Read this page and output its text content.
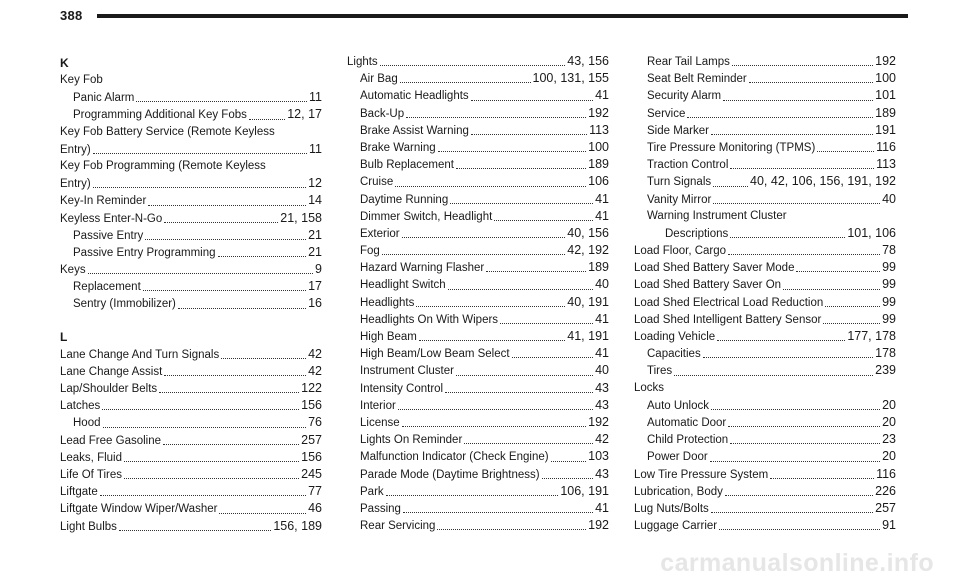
388
K
Key Fob
Panic Alarm	11
Programming Additional Key Fobs	12, 17
Key Fob Battery Service (Remote Keyless
Entry)	11
Key Fob Programming (Remote Keyless
Entry)	12
Key-In Reminder	14
Keyless Enter-N-Go	21, 158
Passive Entry	21
Passive Entry Programming	21
Keys	9
Replacement	17
Sentry (Immobilizer)	16
L
Lane Change And Turn Signals	42
Lane Change Assist	42
Lap/Shoulder Belts	122
Latches	156
Hood	76
Lead Free Gasoline	257
Leaks, Fluid	156
Life Of Tires	245
Liftgate	77
Liftgate Window Wiper/Washer	46
Light Bulbs	156, 189
Lights	43, 156
Air Bag	100, 131, 155
Automatic Headlights	41
Back-Up	192
Brake Assist Warning	113
Brake Warning	100
Bulb Replacement	189
Cruise	106
Daytime Running	41
Dimmer Switch, Headlight	41
Exterior	40, 156
Fog	42, 192
Hazard Warning Flasher	189
Headlight Switch	40
Headlights	40, 191
Headlights On With Wipers	41
High Beam	41, 191
High Beam/Low Beam Select	41
Instrument Cluster	40
Intensity Control	43
Interior	43
License	192
Lights On Reminder	42
Malfunction Indicator (Check Engine)	103
Parade Mode (Daytime Brightness)	43
Park	106, 191
Passing	41
Rear Servicing	192
Rear Tail Lamps	192
Seat Belt Reminder	100
Security Alarm	101
Service	189
Side Marker	191
Tire Pressure Monitoring (TPMS)	116
Traction Control	113
Turn Signals	40, 42, 106, 156, 191, 192
Vanity Mirror	40
Warning Instrument Cluster
Descriptions	101, 106
Load Floor, Cargo	78
Load Shed Battery Saver Mode	99
Load Shed Battery Saver On	99
Load Shed Electrical Load Reduction	99
Load Shed Intelligent Battery Sensor	99
Loading Vehicle	177, 178
Capacities	178
Tires	239
Locks
Auto Unlock	20
Automatic Door	20
Child Protection	23
Power Door	20
Low Tire Pressure System	116
Lubrication, Body	226
Lug Nuts/Bolts	257
Luggage Carrier	91
carmanualsonline.info
